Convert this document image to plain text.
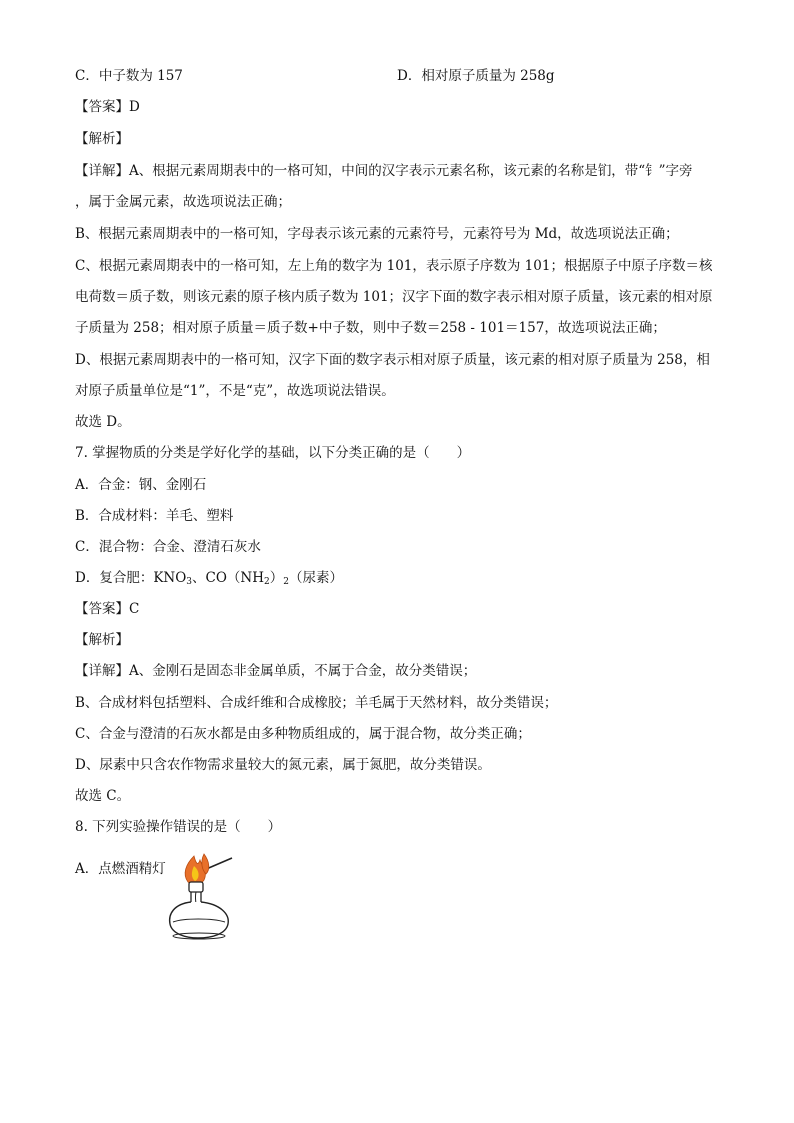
C．中子数为 157	D．相对原子质量为 258g
【答案】D
【解析】
【详解】A、根据元素周期表中的一格可知，中间的汉字表示元素名称，该元素的名称是钔，带“钅”字旁
，属于金属元素，故选项说法正确；
B、根据元素周期表中的一格可知，字母表示该元素的元素符号，元素符号为 Md，故选项说法正确；
C、根据元素周期表中的一格可知，左上角的数字为 101，表示原子序数为 101；根据原子中原子序数＝核
电荷数＝质子数，则该元素的原子核内质子数为 101；汉字下面的数字表示相对原子质量，该元素的相对原
子质量为 258；相对原子质量＝质子数+中子数，则中子数＝258 - 101＝157，故选项说法正确；
D、根据元素周期表中的一格可知，汉字下面的数字表示相对原子质量，该元素的相对原子质量为 258，相
对原子质量单位是“1”，不是“克”，故选项说法错误。
故选 D。
7. 掌握物质的分类是学好化学的基础，以下分类正确的是（　　）
A．合金：钢、金刚石
B．合成材料：羊毛、塑料
C．混合物：合金、澄清石灰水
D．复合肥：$KNO_3$、$CO(NH_2)_2$（尿素）
【答案】C
【解析】
【详解】A、金刚石是固态非金属单质，不属于合金，故分类错误；
B、合成材料包括塑料、合成纤维和合成橡胶；羊毛属于天然材料，故分类错误；
C、合金与澄清的石灰水都是由多种物质组成的，属于混合物，故分类正确；
D、尿素中只含农作物需求量较大的氮元素，属于氮肥，故分类错误。
故选 C。
8. 下列实验操作错误的是（　　）
A．点燃酒精灯
